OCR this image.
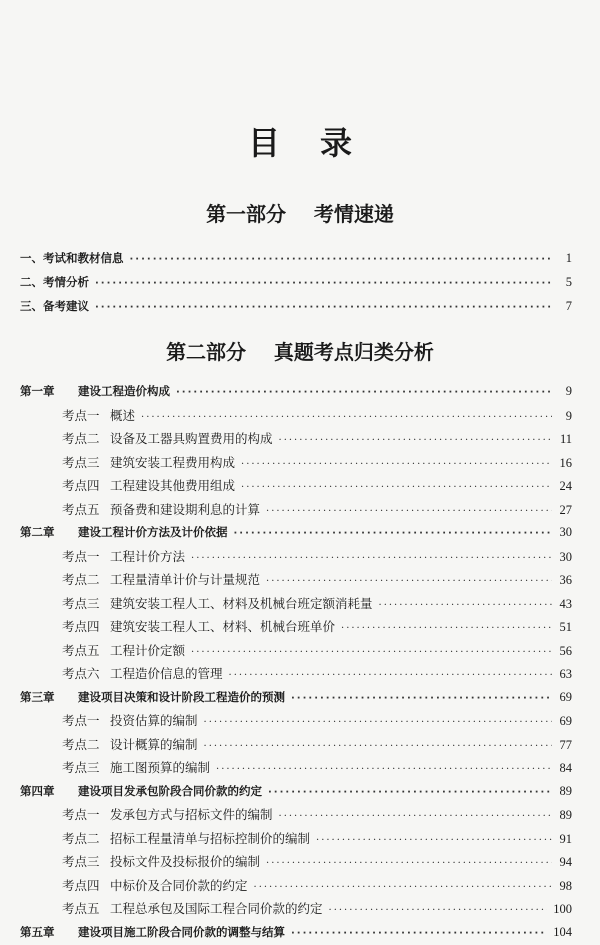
目录
第一部分    考情速递
一、 考试和教材信息 ·····	1
二、 考情分析 ·····	5
三、 备考建议 ·····	7
第二部分    真题考点归类分析
第一章	建设工程造价构成 ·····	9
考点一 概述 ·····	9
考点二 设备及工器具购置费用的构成 ·····	11
考点三 建筑安装工程费用构成 ·····	16
考点四 工程建设其他费用组成 ·····	24
考点五 预备费和建设期利息的计算 ·····	27
第二章	建设工程计价方法及计价依据 ·····	30
考点一 工程计价方法 ·····	30
考点二 工程量清单计价与计量规范 ·····	36
考点三 建筑安装工程人工、材料及机械台班定额消耗量 ·····	43
考点四 建筑安装工程人工、材料、机械台班单价 ·····	51
考点五 工程计价定额 ·····	56
考点六 工程造价信息的管理 ·····	63
第三章	建设项目决策和设计阶段工程造价的预测 ·····	69
考点一 投资估算的编制 ·····	69
考点二 设计概算的编制 ·····	77
考点三 施工图预算的编制 ·····	84
第四章	建设项目发承包阶段合同价款的约定 ·····	89
考点一 发承包方式与招标文件的编制 ·····	89
考点二 招标工程量清单与招标控制价的编制 ·····	91
考点三 投标文件及投标报价的编制 ·····	94
考点四 中标价及合同价款的约定 ·····	98
考点五 工程总承包及国际工程合同价款的约定 ·····	100
第五章	建设项目施工阶段合同价款的调整与结算 ·····	104
